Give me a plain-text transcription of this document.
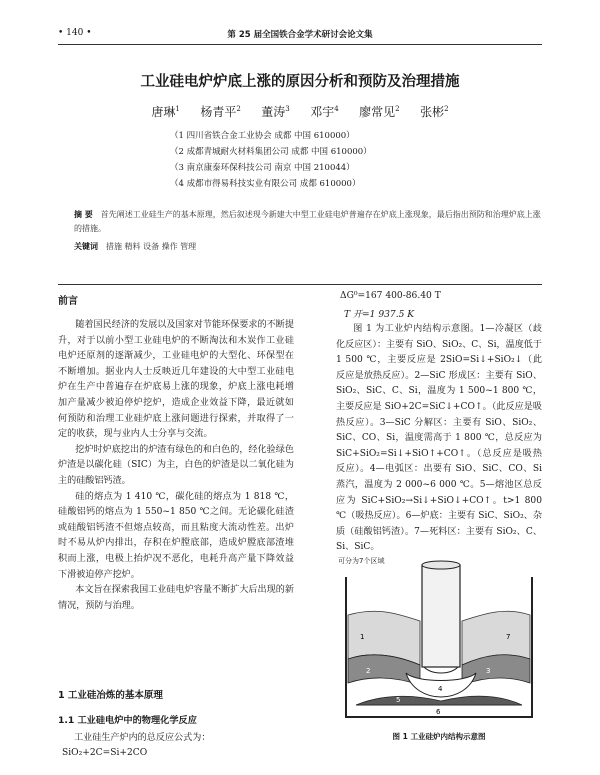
• 140 •	第 25 届全国铁合金学术研讨会论文集
工业硅电炉炉底上涨的原因分析和预防及治理措施
唐琳$^1$ 杨青平$^2$ 董涛$^3$ 邓宇$^4$ 廖常见$^2$ 张彬$^2$
（1 四川省铁合金工业协会 成都 中国 610000）
（2 成都青城耐火材料集团公司 成都 中国 610000）
（3 南京康泰环保科技公司 南京 中国 210044）
（4 成都市得易科技实业有限公司 成都 610000）
摘 要 首先阐述工业硅生产的基本原理，然后叙述现今新建大中型工业硅电炉普遍存在炉底上涨现象，最后指出预防和治理炉底上涨的措施。
关键词 措施 精料 设备 操作 管理
前言

随着国民经济的发展以及国家对节能环保要求的不断提升，对于以前小型工业硅电炉的不断淘汰和木炭作工业硅电炉还原剂的逐渐减少，工业硅电炉的大型化、环保型在不断增加。据业内人士反映近几年建设的大中型工业硅电炉在生产中普遍存在炉底易上涨的现象，炉底上涨电耗增加产量减少被迫停炉挖炉，造成企业效益下降，最近就如何预防和治理工业硅炉底上涨问题进行探索，并取得了一定的收获，现与业内人士分享与交流。

挖炉时炉底挖出的炉渣有绿色的和白色的，经化验绿色炉渣是以碳化硅（SIC）为主，白色的炉渣是以二氧化硅为主的硅酸铝钙渣。

硅的熔点为 1 410 ℃，碳化硅的熔点为 1 818 ℃，硅酸铝钙的熔点为 1 550~1 850 ℃之间。无论碳化硅渣或硅酸铝钙渣不但熔点较高，而且粘度大流动性差。出炉时不易从炉内排出，存积在炉膛底部，造成炉膛底部渣堆积而上涨，电极上抬炉况不恶化，电耗升高产量下降效益下滑被迫停产挖炉。

本文旨在探索我国工业硅电炉容量不断扩大后出现的新情况，预防与治理。

1 工业硅冶炼的基本原理
1.1 工业硅电炉中的物理化学反应
工业硅生产炉内的总反应公式为：
SiO₂+2C=Si+2CO
ΔG⁰=167 400-86.40 T
T 开=1 937.5 K

图 1 为工业炉内结构示意图。1—冷凝区（歧化反应区）：主要有 SiO、SiO₂、C、Si，温度低于 1 500 ℃，主要反应是 2SiO=Si↓+SiO₂↓（此反应是放热反应）。2—SiC 形成区：主要有 SiO、SiO₂、SiC、C、Si，温度为 1 500~1 800 ℃，主要反应是 SiO+2C=SiC↓+CO↑。（此反应是吸热反应）。3—SiC 分解区：主要有 SiO、SiO₂、SiC、CO、Si，温度需高于 1 800 ℃，总反应为 SiC+SiO₂=Si↓+SiO↑+CO↑。（总反应是吸热反应）。4—电弧区：出要有 SiO、SiC、CO、Si 蒸汽，温度为 2 000~6 000 ℃。5—熔池区总反应为 SiC+SiO₂→Si↓+SiO↓+CO↑。t>1 800 ℃（吸热反应）。6—炉底：主要有 SiC、SiO₂、杂质（硅酸铝钙渣）。7—死料区：主要有 SiO₂、C、Si、SiC。

可分为7个区域
1
2	3
4
5
6
7
图 1 工业硅炉内结构示意图
